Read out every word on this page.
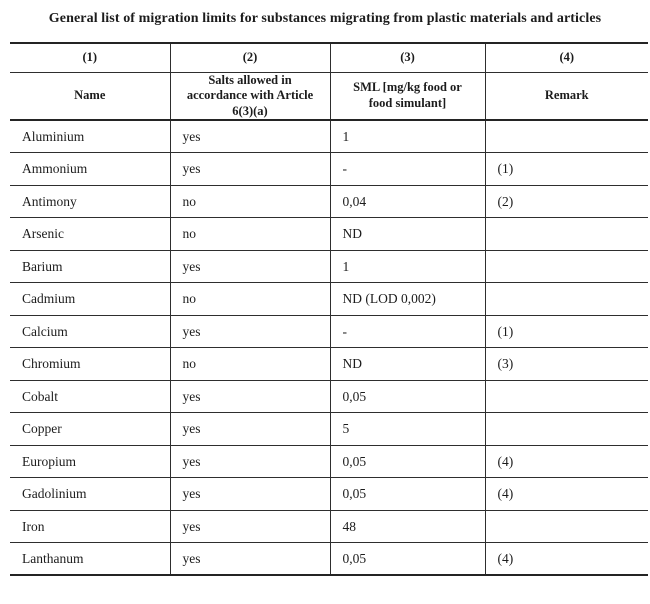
General list of migration limits for substances migrating from plastic materials and articles
(1)	(2)	(3)	(4)
Name	Salts allowed in accordance with Article 6(3)(a)	SML [mg/kg food or food simulant]	Remark
Aluminium	yes	1	
Ammonium	yes	-	(1)
Antimony	no	0,04	(2)
Arsenic	no	ND	
Barium	yes	1	
Cadmium	no	ND (LOD 0,002)	
Calcium	yes	-	(1)
Chromium	no	ND	(3)
Cobalt	yes	0,05	
Copper	yes	5	
Europium	yes	0,05	(4)
Gadolinium	yes	0,05	(4)
Iron	yes	48	
Lanthanum	yes	0,05	(4)
